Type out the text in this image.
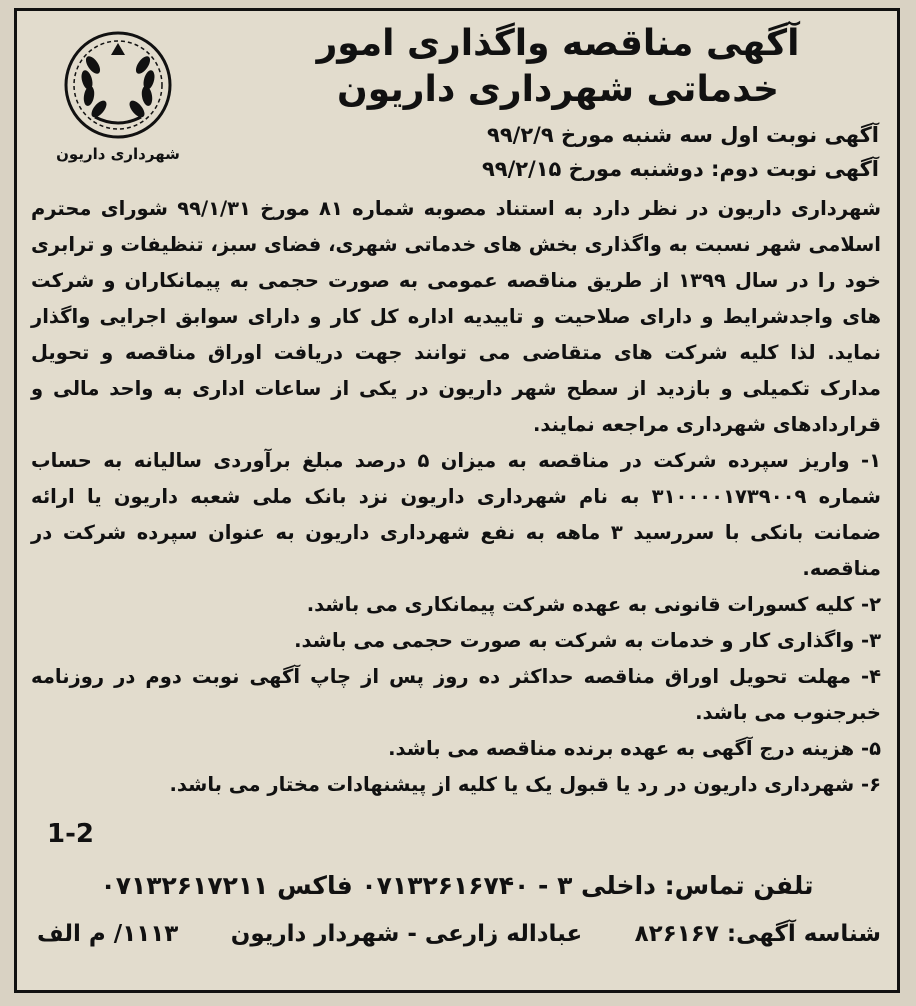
آگهی مناقصه واگذاری امور
خدماتی شهرداری داریون
شهرداری داریون
آگهی نوبت اول سه شنبه مورخ ۹۹/۲/۹
آگهی نوبت دوم: دوشنبه مورخ ۹۹/۲/۱۵

شهرداری داریون در نظر دارد به استناد مصوبه شماره ۸۱ مورخ ۹۹/۱/۳۱ شورای محترم اسلامی شهر نسبت به واگذاری بخش های خدماتی شهری، فضای سبز، تنظیفات و ترابری خود را در سال ۱۳۹۹ از طریق مناقصه عمومی به صورت حجمی به پیمانکاران و شرکت های واجدشرایط و دارای صلاحیت و تاییدیه اداره کل کار و دارای سوابق اجرایی واگذار نماید. لذا کلیه شرکت های متقاضی می توانند جهت دریافت اوراق مناقصه و تحویل مدارک تکمیلی و بازدید از سطح شهر داریون در یکی از ساعات اداری به واحد مالی و قراردادهای شهرداری مراجعه نمایند.

۱- واریز سپرده شرکت در مناقصه به میزان ۵ درصد مبلغ برآوردی سالیانه به حساب شماره ۳۱۰۰۰۰۱۷۳۹۰۰۹ به نام شهرداری داریون نزد بانک ملی شعبه داریون یا ارائه ضمانت بانکی با سررسید ۳ ماهه به نفع شهرداری داریون به عنوان سپرده شرکت در مناقصه.
۲- کلیه کسورات قانونی به عهده شرکت پیمانکاری می باشد.
۳- واگذاری کار و خدمات به شرکت به صورت حجمی می باشد.
۴- مهلت تحویل اوراق مناقصه حداکثر ده روز پس از چاپ آگهی نوبت دوم در روزنامه خبرجنوب می باشد.
۵- هزینه درج آگهی به عهده برنده مناقصه می باشد.
۶- شهرداری داریون در رد یا قبول یک یا کلیه از پیشنهادات مختار می باشد.
1-2
تلفن تماس: داخلی ۳ - ۰۷۱۳۲۶۱۶۷۴۰ فاکس ۰۷۱۳۲۶۱۷۲۱۱
شناسه آگهی: ۸۲۶۱۶۷
عباداله زارعی - شهردار داریون
۱۱۱۳/ م الف
